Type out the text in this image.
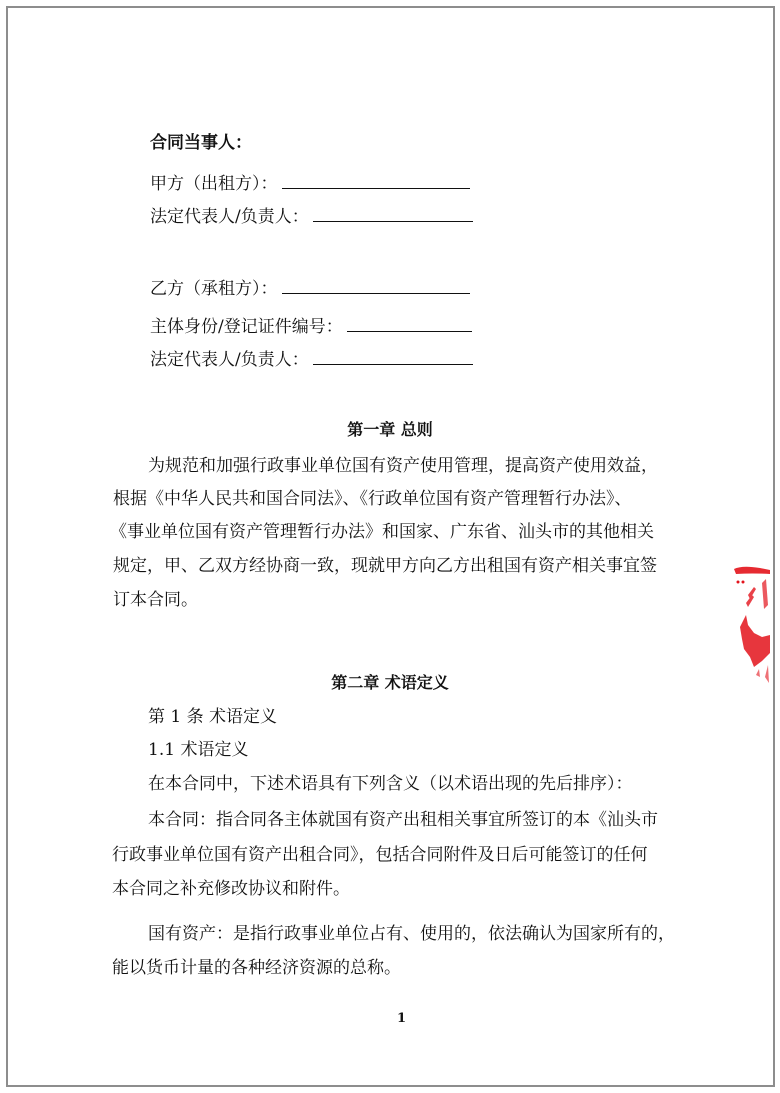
合同当事人：
甲方（出租方）：
法定代表人/负责人：
乙方（承租方）：
主体身份/登记证件编号：
法定代表人/负责人：
第一章 总则
为规范和加强行政事业单位国有资产使用管理，提高资产使用效益，
根据《中华人民共和国合同法》、《行政单位国有资产管理暂行办法》、
《事业单位国有资产管理暂行办法》和国家、广东省、汕头市的其他相关
规定，甲、乙双方经协商一致，现就甲方向乙方出租国有资产相关事宜签
订本合同。
第二章 术语定义
第 1 条 术语定义
1.1 术语定义
在本合同中，下述术语具有下列含义（以术语出现的先后排序）：
本合同：指合同各主体就国有资产出租相关事宜所签订的本《汕头市
行政事业单位国有资产出租合同》，包括合同附件及日后可能签订的任何
本合同之补充修改协议和附件。
国有资产：是指行政事业单位占有、使用的，依法确认为国家所有的，
能以货币计量的各种经济资源的总称。
1
